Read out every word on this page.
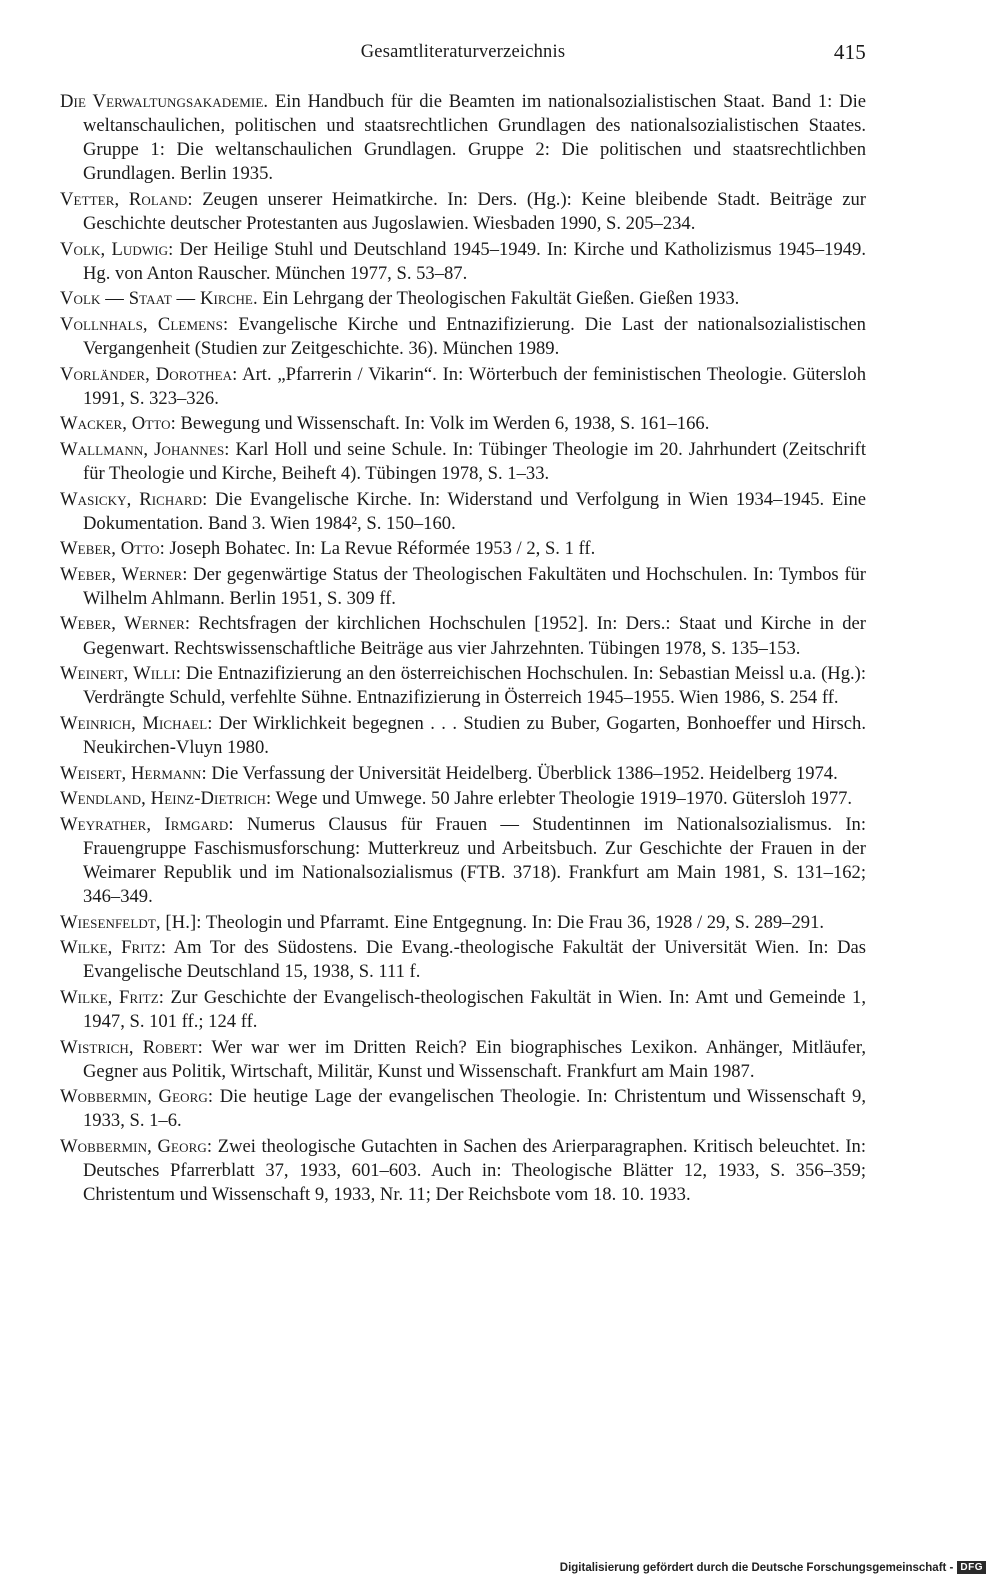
Gesamtliteraturverzeichnis	415

Die Verwaltungsakademie. Ein Handbuch für die Beamten im nationalsozialistischen Staat. Band 1: Die weltanschaulichen, politischen und staatsrechtlichen Grundlagen des nationalsozialistischen Staates. Gruppe 1: Die weltanschaulichen Grundlagen. Gruppe 2: Die politischen und staatsrechtlichben Grundlagen. Berlin 1935.

Vetter, Roland: Zeugen unserer Heimatkirche. In: Ders. (Hg.): Keine bleibende Stadt. Beiträge zur Geschichte deutscher Protestanten aus Jugoslawien. Wiesbaden 1990, S. 205–234.

Volk, Ludwig: Der Heilige Stuhl und Deutschland 1945–1949. In: Kirche und Katholizismus 1945–1949. Hg. von Anton Rauscher. München 1977, S. 53–87.

Volk — Staat — Kirche. Ein Lehrgang der Theologischen Fakultät Gießen. Gießen 1933.

Vollnhals, Clemens: Evangelische Kirche und Entnazifizierung. Die Last der nationalsozialistischen Vergangenheit (Studien zur Zeitgeschichte. 36). München 1989.

Vorländer, Dorothea: Art. „Pfarrerin / Vikarin“. In: Wörterbuch der feministischen Theologie. Gütersloh 1991, S. 323–326.

Wacker, Otto: Bewegung und Wissenschaft. In: Volk im Werden 6, 1938, S. 161–166.

Wallmann, Johannes: Karl Holl und seine Schule. In: Tübinger Theologie im 20. Jahrhundert (Zeitschrift für Theologie und Kirche, Beiheft 4). Tübingen 1978, S. 1–33.

Wasicky, Richard: Die Evangelische Kirche. In: Widerstand und Verfolgung in Wien 1934–1945. Eine Dokumentation. Band 3. Wien 1984², S. 150–160.

Weber, Otto: Joseph Bohatec. In: La Revue Réformée 1953 / 2, S. 1 ff.

Weber, Werner: Der gegenwärtige Status der Theologischen Fakultäten und Hochschulen. In: Tymbos für Wilhelm Ahlmann. Berlin 1951, S. 309 ff.

Weber, Werner: Rechtsfragen der kirchlichen Hochschulen [1952]. In: Ders.: Staat und Kirche in der Gegenwart. Rechtswissenschaftliche Beiträge aus vier Jahrzehnten. Tübingen 1978, S. 135–153.

Weinert, Willi: Die Entnazifizierung an den österreichischen Hochschulen. In: Sebastian Meissl u.a. (Hg.): Verdrängte Schuld, verfehlte Sühne. Entnazifizierung in Österreich 1945–1955. Wien 1986, S. 254 ff.

Weinrich, Michael: Der Wirklichkeit begegnen . . . Studien zu Buber, Gogarten, Bonhoeffer und Hirsch. Neukirchen-Vluyn 1980.

Weisert, Hermann: Die Verfassung der Universität Heidelberg. Überblick 1386–1952. Heidelberg 1974.

Wendland, Heinz-Dietrich: Wege und Umwege. 50 Jahre erlebter Theologie 1919–1970. Gütersloh 1977.

Weyrather, Irmgard: Numerus Clausus für Frauen — Studentinnen im Nationalsozialismus. In: Frauengruppe Faschismusforschung: Mutterkreuz und Arbeitsbuch. Zur Geschichte der Frauen in der Weimarer Republik und im Nationalsozialismus (FTB. 3718). Frankfurt am Main 1981, S. 131–162; 346–349.

Wiesenfeldt, [H.]: Theologin und Pfarramt. Eine Entgegnung. In: Die Frau 36, 1928 / 29, S. 289–291.

Wilke, Fritz: Am Tor des Südostens. Die Evang.-theologische Fakultät der Universität Wien. In: Das Evangelische Deutschland 15, 1938, S. 111 f.

Wilke, Fritz: Zur Geschichte der Evangelisch-theologischen Fakultät in Wien. In: Amt und Gemeinde 1, 1947, S. 101 ff.; 124 ff.

Wistrich, Robert: Wer war wer im Dritten Reich? Ein biographisches Lexikon. Anhänger, Mitläufer, Gegner aus Politik, Wirtschaft, Militär, Kunst und Wissenschaft. Frankfurt am Main 1987.

Wobbermin, Georg: Die heutige Lage der evangelischen Theologie. In: Christentum und Wissenschaft 9, 1933, S. 1–6.

Wobbermin, Georg: Zwei theologische Gutachten in Sachen des Arierparagraphen. Kritisch beleuchtet. In: Deutsches Pfarrerblatt 37, 1933, 601–603. Auch in: Theologische Blätter 12, 1933, S. 356–359; Christentum und Wissenschaft 9, 1933, Nr. 11; Der Reichsbote vom 18. 10. 1933.

Digitalisierung gefördert durch die Deutsche Forschungsgemeinschaft - DFG
